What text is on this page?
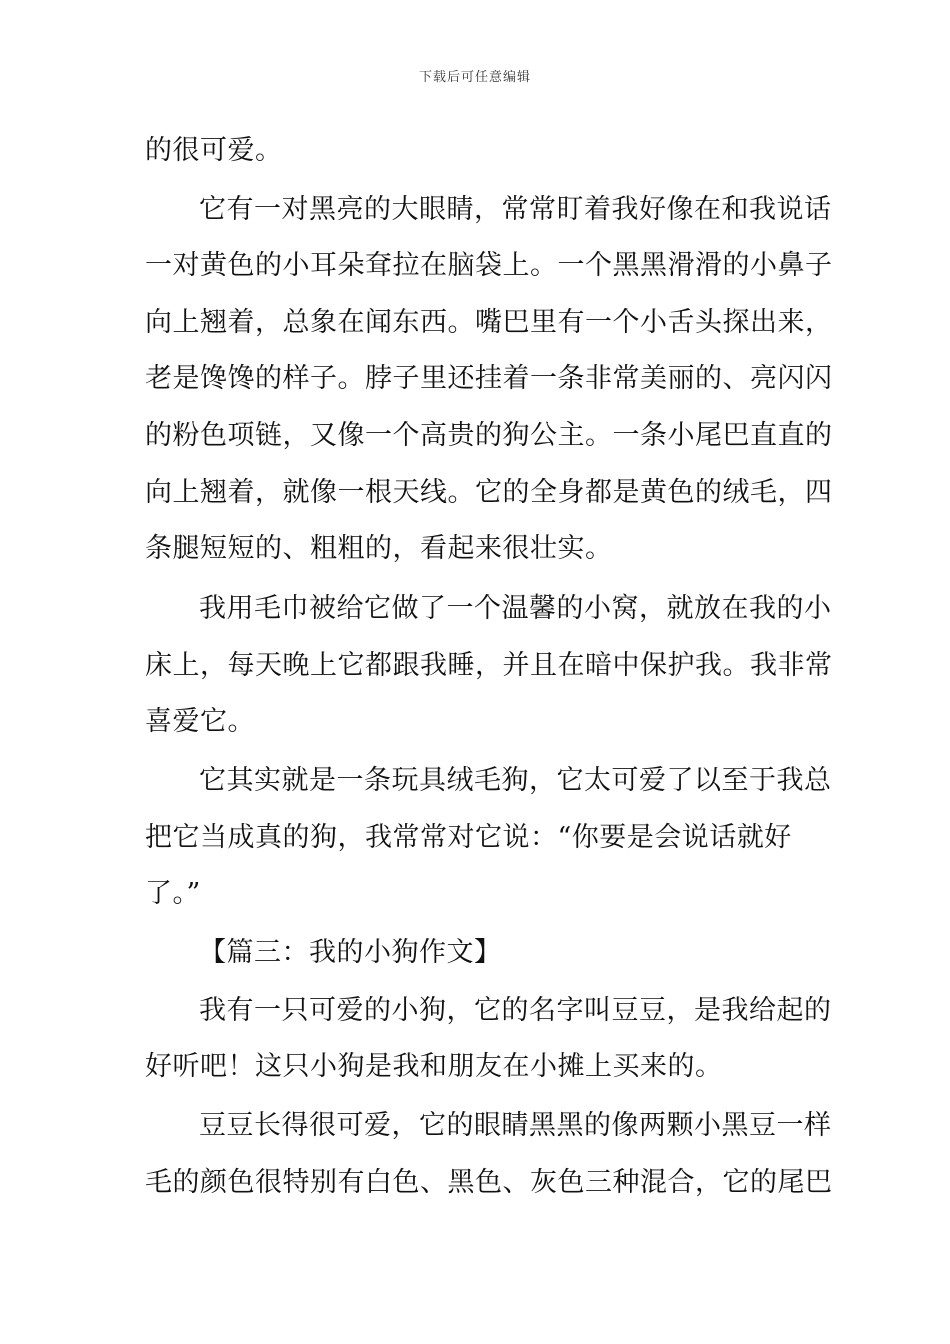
下载后可任意编辑
的很可爱。
它有一对黑亮的大眼睛，常常盯着我好像在和我说话
一对黄色的小耳朵耷拉在脑袋上。一个黑黑滑滑的小鼻子
向上翘着，总象在闻东西。嘴巴里有一个小舌头探出来，
老是馋馋的样子。脖子里还挂着一条非常美丽的、亮闪闪
的粉色项链，又像一个高贵的狗公主。一条小尾巴直直的
向上翘着，就像一根天线。它的全身都是黄色的绒毛，四
条腿短短的、粗粗的，看起来很壮实。
我用毛巾被给它做了一个温馨的小窝，就放在我的小
床上，每天晚上它都跟我睡，并且在暗中保护我。我非常
喜爱它。
它其实就是一条玩具绒毛狗，它太可爱了以至于我总
把它当成真的狗，我常常对它说：“你要是会说话就好
了。”
【篇三：我的小狗作文】
我有一只可爱的小狗，它的名字叫豆豆，是我给起的
好听吧！这只小狗是我和朋友在小摊上买来的。
豆豆长得很可爱，它的眼睛黑黑的像两颗小黑豆一样
毛的颜色很特别有白色、黑色、灰色三种混合，它的尾巴
